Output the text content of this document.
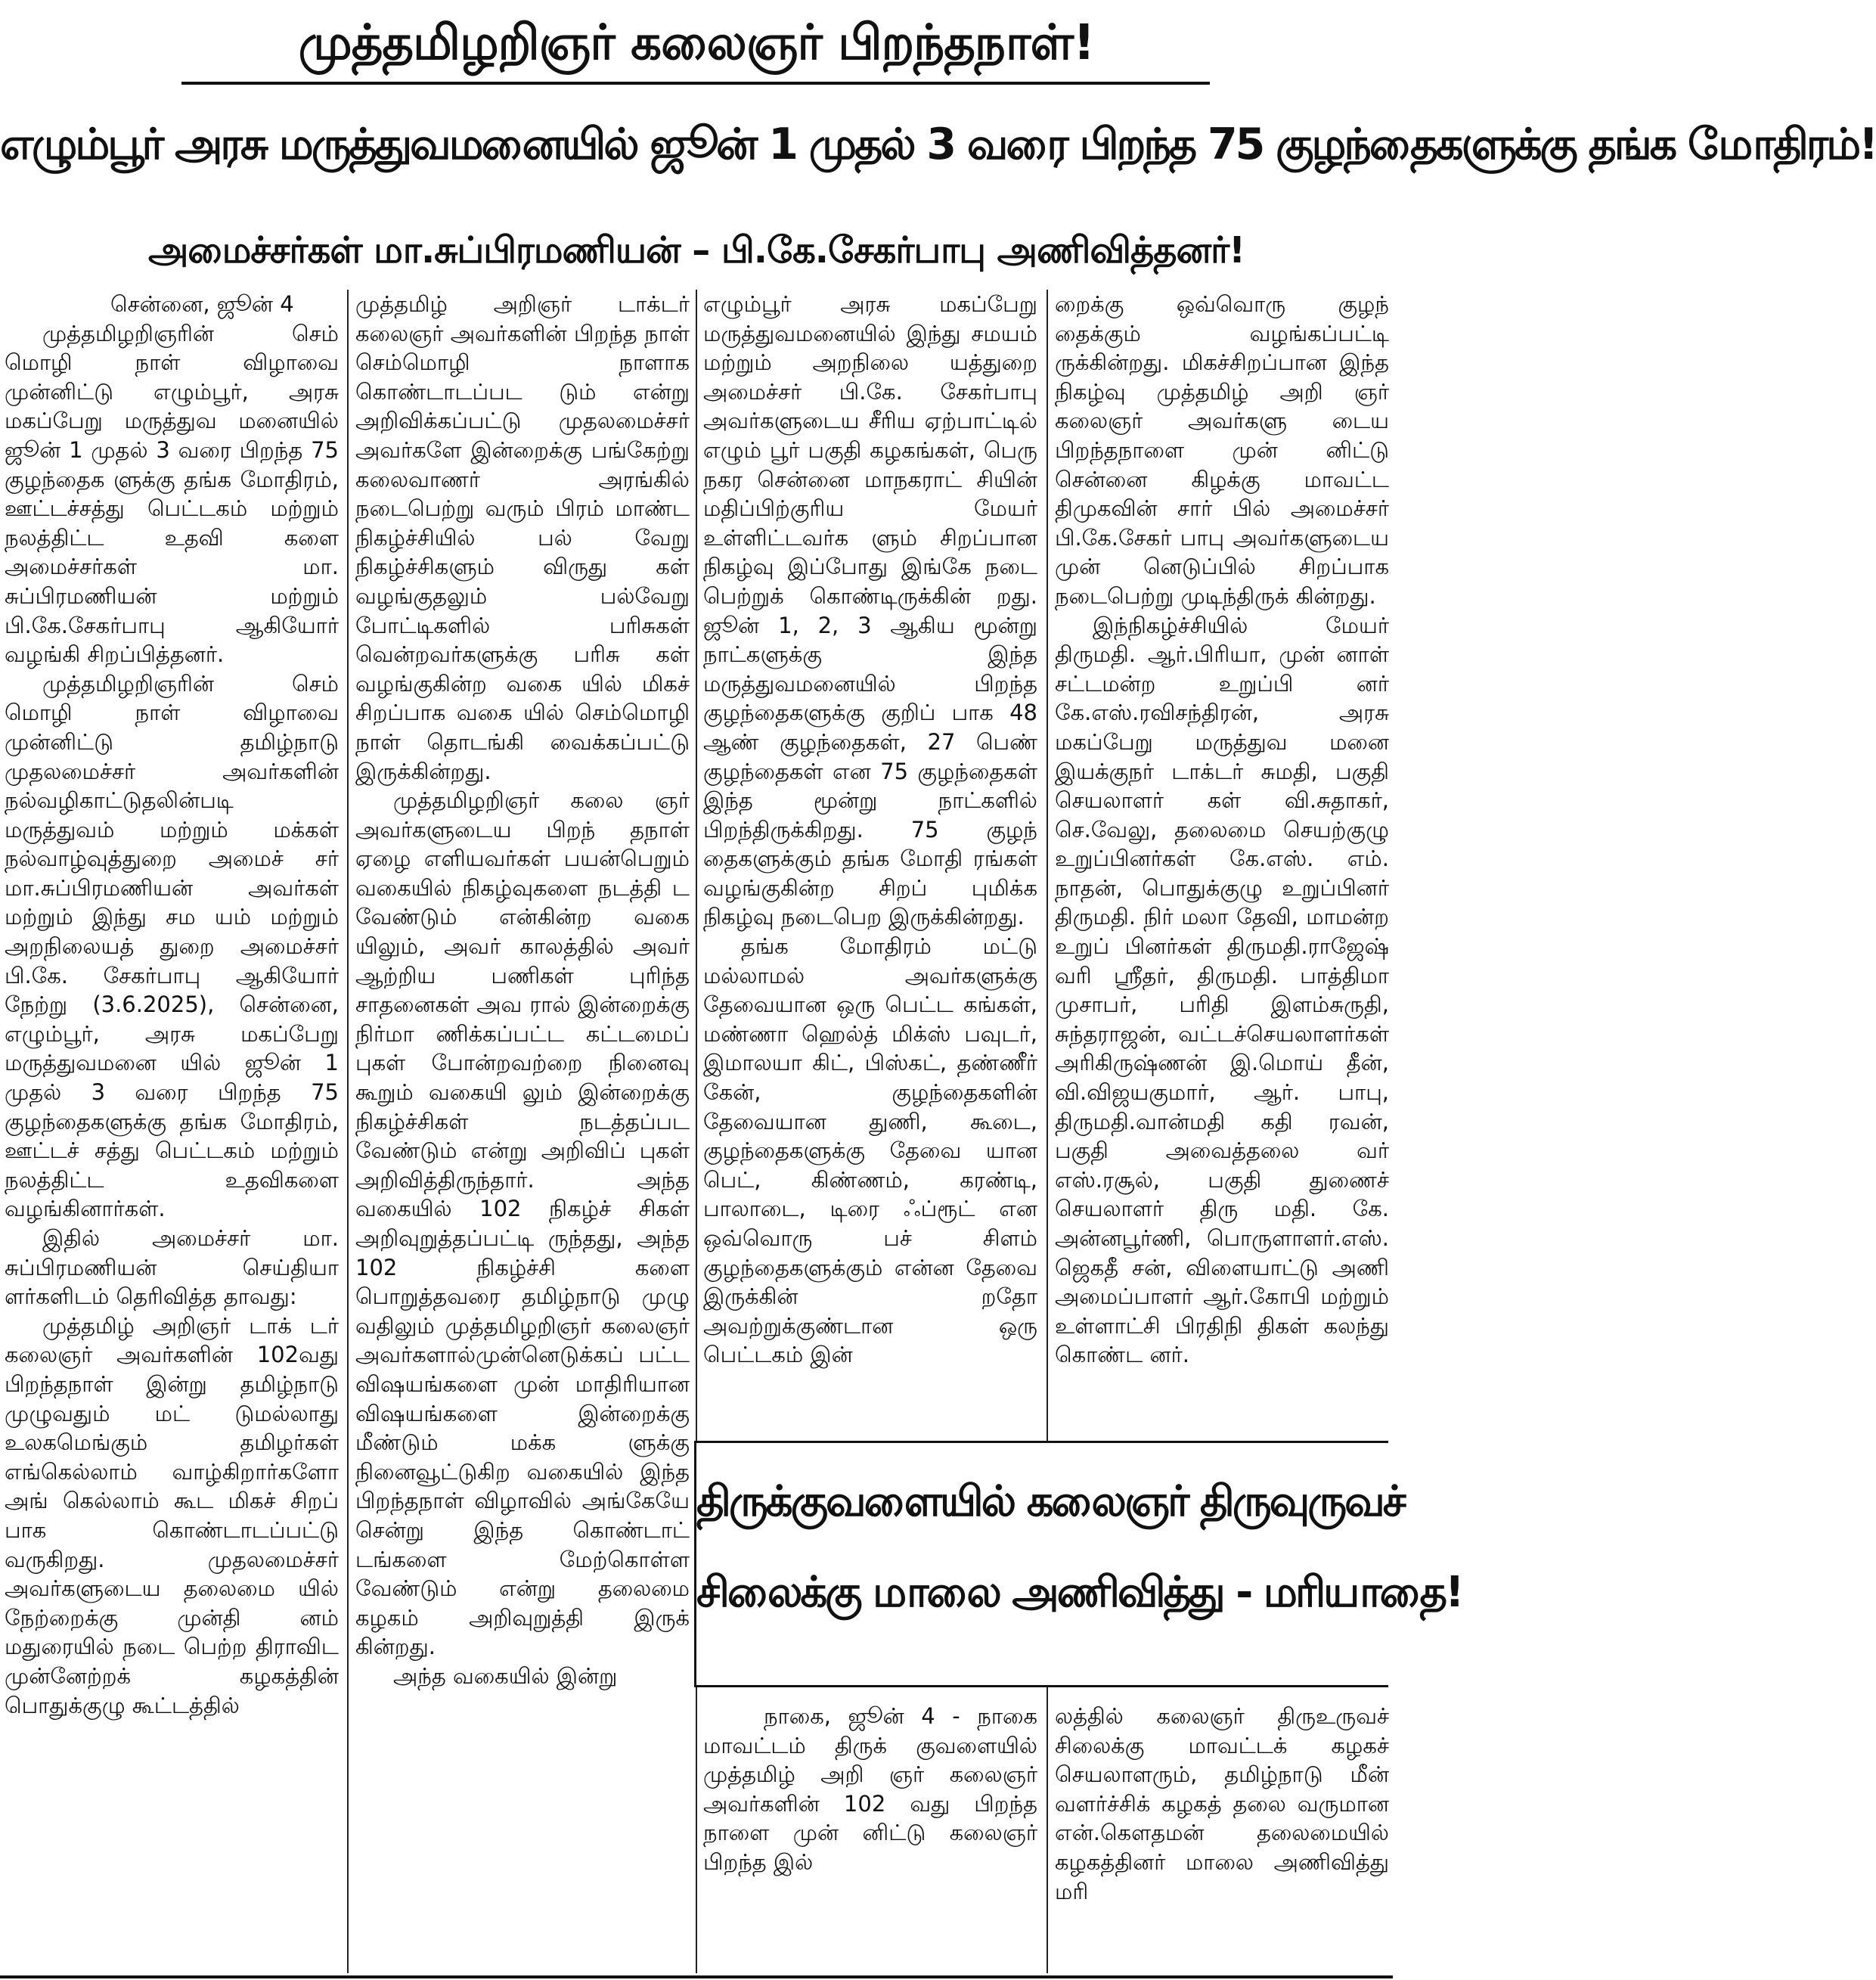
முத்தமிழறிஞர் கலைஞர் பிறந்தநாள்!
எழும்பூர் அரசு மருத்துவமனையில் ஜூன் 1 முதல் 3 வரை பிறந்த 75 குழந்தைகளுக்கு தங்க மோதிரம்!
அமைச்சர்கள் மா.சுப்பிரமணியன் – பி.கே.சேகர்பாபு அணிவித்தனர்!

சென்னை, ஜூன் 4

முத்தமிழறிஞரின் செம் மொழி நாள் விழாவை முன்னிட்டு எழும்பூர், அரசு மகப்பேறு மருத்துவ மனையில் ஜூன் 1 முதல் 3 வரை பிறந்த 75 குழந்தைக ளுக்கு தங்க மோதிரம், ஊட்டச்சத்து பெட்டகம் மற்றும் நலத்திட்ட உதவி களை அமைச்சர்கள் மா. சுப்பிரமணியன் மற்றும் பி.கே.சேகர்பாபு ஆகியோர் வழங்கி சிறப்பித்தனர்.

முத்தமிழறிஞரின் செம் மொழி நாள் விழாவை முன்னிட்டு தமிழ்நாடு முதலமைச்சர் அவர்களின் நல்வழிகாட்டுதலின்படி மருத்துவம் மற்றும் மக்கள் நல்வாழ்வுத்துறை அமைச் சர் மா.சுப்பிரமணியன் அவர்கள் மற்றும் இந்து சம யம் மற்றும் அறநிலையத் துறை அமைச்சர் பி.கே. சேகர்பாபு ஆகியோர் நேற்று (3.6.2025), சென்னை, எழும்பூர், அரசு மகப்பேறு மருத்துவமனை யில் ஜூன் 1 முதல் 3 வரை பிறந்த 75 குழந்தைகளுக்கு தங்க மோதிரம், ஊட்டச் சத்து பெட்டகம் மற்றும் நலத்திட்ட உதவிகளை வழங்கினார்கள்.

இதில் அமைச்சர் மா. சுப்பிரமணியன் செய்தியா ளர்களிடம் தெரிவித்த தாவது:

முத்தமிழ் அறிஞர் டாக் டர் கலைஞர் அவர்களின் 102வது பிறந்தநாள் இன்று தமிழ்நாடு முழுவதும் மட் டுமல்லாது உலகமெங்கும் தமிழர்கள் எங்கெல்லாம் வாழ்கிறார்களோ அங் கெல்லாம் கூட மிகச் சிறப் பாக கொண்டாடப்பட்டு வருகிறது. முதலமைச்சர் அவர்களுடைய தலைமை யில் நேற்றைக்கு முன்தி னம் மதுரையில் நடை பெற்ற திராவிட முன்னேற்றக் கழகத்தின் பொதுக்குழு கூட்டத்தில்

முத்தமிழ் அறிஞர் டாக்டர் கலைஞர் அவர்களின் பிறந்த நாள் செம்மொழி நாளாக கொண்டாடப்பட டும் என்று அறிவிக்கப்பட்டு முதலமைச்சர் அவர்களே இன்றைக்கு பங்கேற்று கலைவாணர் அரங்கில் நடைபெற்று வரும் பிரம் மாண்ட நிகழ்ச்சியில் பல் வேறு நிகழ்ச்சிகளும் விருது கள் வழங்குதலும் பல்வேறு போட்டிகளில் பரிசுகள் வென்றவர்களுக்கு பரிசு கள் வழங்குகின்ற வகை யில் மிகச் சிறப்பாக வகை யில் செம்மொழி நாள் தொடங்கி வைக்கப்பட்டு இருக்கின்றது.

முத்தமிழறிஞர் கலை ஞர் அவர்களுடைய பிறந் தநாள் ஏழை எளியவர்கள் பயன்பெறும் வகையில் நிகழ்வுகளை நடத்தி ட வேண்டும் என்கின்ற வகை யிலும், அவர் காலத்தில் அவர் ஆற்றிய பணிகள் புரிந்த சாதனைகள் அவ ரால் இன்றைக்கு நிர்மா ணிக்கப்பட்ட கட்டமைப் புகள் போன்றவற்றை நினைவு கூறும் வகையி லும் இன்றைக்கு நிகழ்ச்சிகள் நடத்தப்பட வேண்டும் என்று அறிவிப் புகள் அறிவித்திருந்தார். அந்த வகையில் 102 நிகழ்ச் சிகள் அறிவுறுத்தப்பட்டி ருந்தது, அந்த 102 நிகழ்ச்சி களை பொறுத்தவரை தமிழ்நாடு முழு வதிலும் முத்தமிழறிஞர் கலைஞர் அவர்களால்முன்னெடுக்கப் பட்ட விஷயங்களை முன் மாதிரியான விஷயங்களை இன்றைக்கு மீண்டும் மக்க ளுக்கு நினைவூட்டுகிற வகையில் இந்த பிறந்தநாள் விழாவில் அங்கேயே சென்று இந்த கொண்டாட் டங்களை மேற்கொள்ள வேண்டும் என்று தலைமை கழகம் அறிவுறுத்தி இருக் கின்றது.

அந்த வகையில் இன்று

எழும்பூர் அரசு மகப்பேறு மருத்துவமனையில் இந்து சமயம் மற்றும் அறநிலை யத்துறை அமைச்சர் பி.கே. சேகர்பாபு அவர்களுடைய சீரிய ஏற்பாட்டில் எழும் பூர் பகுதி கழகங்கள், பெரு நகர சென்னை மாநகராட் சியின் மதிப்பிற்குரிய மேயர் உள்ளிட்டவர்க ளும் சிறப்பான நிகழ்வு இப்போது இங்கே நடை பெற்றுக் கொண்டிருக்கின் றது. ஜூன் 1, 2, 3 ஆகிய மூன்று நாட்களுக்கு இந்த மருத்துவமனையில் பிறந்த குழந்தைகளுக்கு குறிப் பாக 48 ஆண் குழந்தைகள், 27 பெண் குழந்தைகள் என 75 குழந்தைகள் இந்த மூன்று நாட்களில் பிறந்திருக்கிறது. 75 குழந் தைகளுக்கும் தங்க மோதி ரங்கள் வழங்குகின்ற சிறப் புமிக்க நிகழ்வு நடைபெற இருக்கின்றது.

தங்க மோதிரம் மட்டு மல்லாமல் அவர்களுக்கு தேவையான ஒரு பெட்ட கங்கள், மண்ணா ஹெல்த் மிக்ஸ் பவுடர், இமாலயா கிட், பிஸ்கட், தண்ணீர் கேன், குழந்தைகளின் தேவையான துணி, கூடை, குழந்தைகளுக்கு தேவை யான பெட், கிண்ணம், கரண்டி, பாலாடை, டிரை ஃப்ரூட் என ஒவ்வொரு பச் சிளம் குழந்தைகளுக்கும் என்ன தேவை இருக்கின் றதோ அவற்றுக்குண்டான ஒரு பெட்டகம் இன்

றைக்கு ஒவ்வொரு குழந் தைக்கும் வழங்கப்பட்டி ருக்கின்றது. மிகச்சிறப்பான இந்த நிகழ்வு முத்தமிழ் அறி ஞர் கலைஞர் அவர்களு டைய பிறந்தநாளை முன் னிட்டு சென்னை கிழக்கு மாவட்ட திமுகவின் சார் பில் அமைச்சர் பி.கே.சேகர் பாபு அவர்களுடைய முன் னெடுப்பில் சிறப்பாக நடைபெற்று முடிந்திருக் கின்றது.

இந்நிகழ்ச்சியில் மேயர் திருமதி. ஆர்.பிரியா, முன் னாள் சட்டமன்ற உறுப்பி னர் கே.எஸ்.ரவிசந்திரன், அரசு மகப்பேறு மருத்துவ மனை இயக்குநர் டாக்டர் சுமதி, பகுதி செயலாளர் கள் வி.சுதாகர், செ.வேலு, தலைமை செயற்குழு உறுப்பினர்கள் கே.எஸ். எம். நாதன், பொதுக்குழு உறுப்பினர் திருமதி. நிர் மலா தேவி, மாமன்ற உறுப் பினர்கள் திருமதி.ராஜேஷ் வரி ஸ்ரீதர், திருமதி. பாத்திமா முசாபர், பரிதி இளம்சுருதி, சுந்தராஜன், வட்டச்செயலாளர்கள் அரிகிருஷ்ணன் இ.மொய் தீன், வி.விஜயகுமார், ஆர். பாபு, திருமதி.வான்மதி கதி ரவன், பகுதி அவைத்தலை வர் எஸ்.ரசூல், பகுதி துணைச் செயலாளர் திரு மதி. கே. அன்னபூர்ணி, பொருளாளர்.எஸ். ஜெகதீ சன், விளையாட்டு அணி அமைப்பாளர் ஆர்.கோபி மற்றும் உள்ளாட்சி பிரதிநி திகள் கலந்து கொண்ட னர்.

திருக்குவளையில் கலைஞர் திருவுருவச்
சிலைக்கு மாலை அணிவித்து - மரியாதை!

நாகை, ஜூன் 4 - நாகை மாவட்டம் திருக் குவளையில் முத்தமிழ் அறி ஞர் கலைஞர் அவர்களின் 102 வது பிறந்த நாளை முன் னிட்டு கலைஞர் பிறந்த இல்

லத்தில் கலைஞர் திருஉருவச் சிலைக்கு மாவட்டக் கழகச் செயலாளரும், தமிழ்நாடு மீன் வளர்ச்சிக் கழகத் தலை வருமான என்.கௌதமன் தலைமையில் கழகத்தினர் மாலை அணிவித்து மரி
